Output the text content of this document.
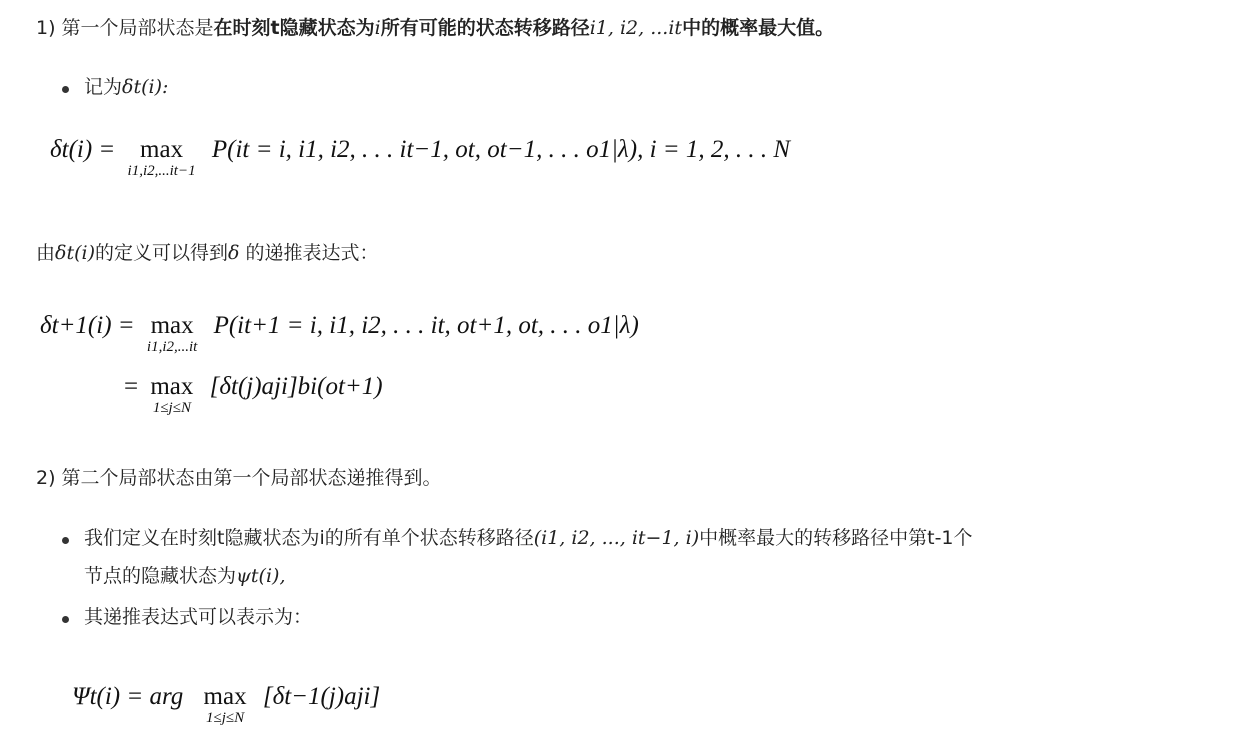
1) 第一个局部状态是在时刻t隐藏状态为i所有可能的状态转移路径i1, i2, ...it中的概率最大值。
记为δt(i):
δt(i) = max
i1,i2,...it−1
P(it = i, i1, i2, . . . it−1, ot, ot−1, . . . o1|λ), i = 1, 2, . . . N
由δt(i)的定义可以得到δ 的递推表达式：
δt+1(i) = max
i1,i2,...it
P(it+1 = i, i1, i2, . . . it, ot+1, ot, . . . o1|λ)
= max
1≤j≤N
[δt(j)aji]bi(ot+1)
2) 第二个局部状态由第一个局部状态递推得到。
我们定义在时刻t隐藏状态为i的所有单个状态转移路径(i1, i2, ..., it−1, i)中概率最大的转移路径中第t-1个
节点的隐藏状态为ψt(i),
其递推表达式可以表示为：
Ψt(i) = arg max
1≤j≤N
[δt−1(j)aji]
